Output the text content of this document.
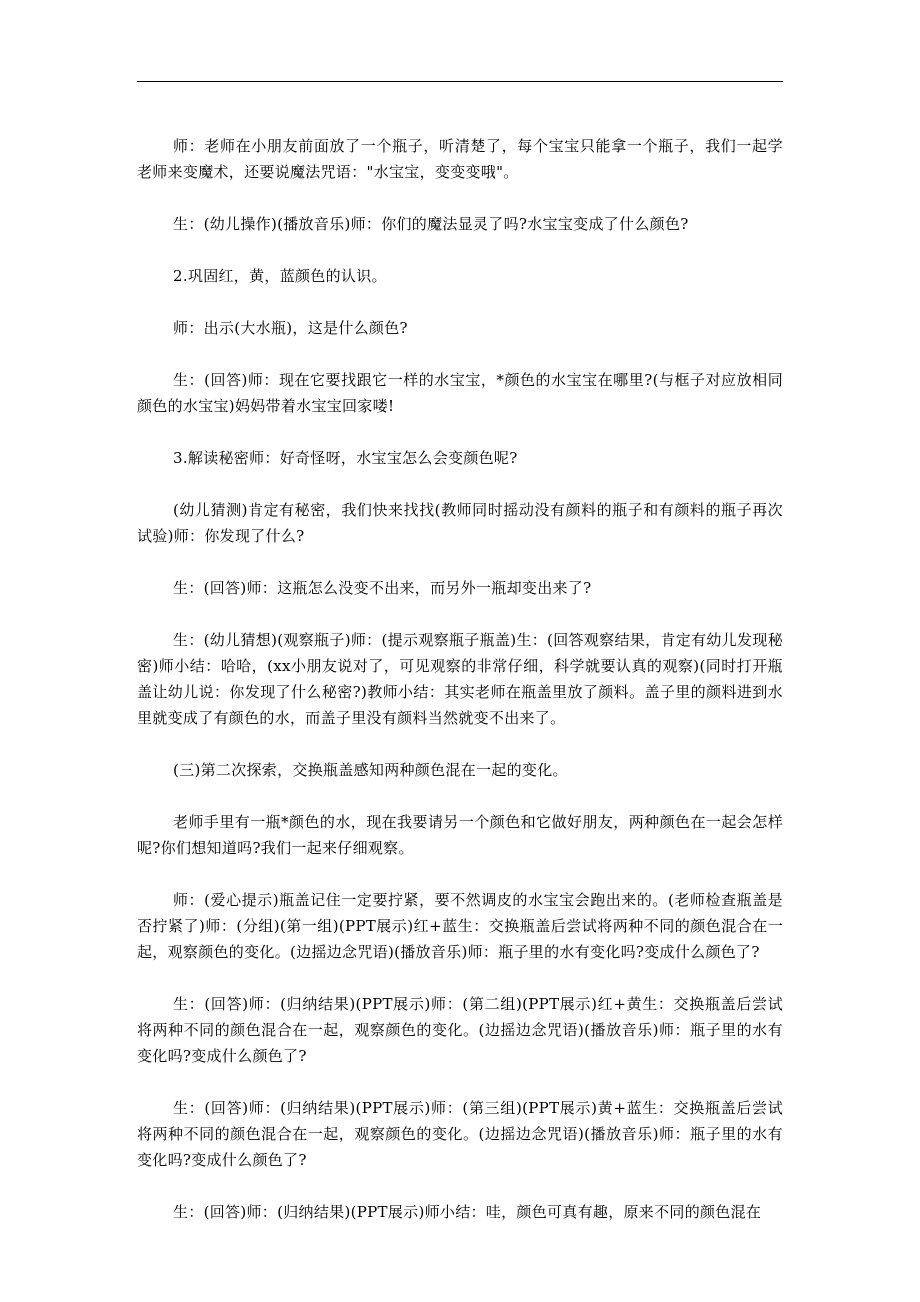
师：老师在小朋友前面放了一个瓶子，听清楚了，每个宝宝只能拿一个瓶子，我们一起学老师来变魔术，还要说魔法咒语："水宝宝，变变变哦"。

生：(幼儿操作)(播放音乐)师：你们的魔法显灵了吗?水宝宝变成了什么颜色?

2.巩固红，黄，蓝颜色的认识。

师：出示(大水瓶)，这是什么颜色?

生：(回答)师：现在它要找跟它一样的水宝宝，*颜色的水宝宝在哪里?(与框子对应放相同颜色的水宝宝)妈妈带着水宝宝回家喽!

3.解读秘密师：好奇怪呀，水宝宝怎么会变颜色呢?

(幼儿猜测)肯定有秘密，我们快来找找(教师同时摇动没有颜料的瓶子和有颜料的瓶子再次试验)师：你发现了什么?

生：(回答)师：这瓶怎么没变不出来，而另外一瓶却变出来了?

生：(幼儿猜想)(观察瓶子)师：(提示观察瓶子瓶盖)生：(回答观察结果，肯定有幼儿发现秘密)师小结：哈哈，(xx小朋友说对了，可见观察的非常仔细，科学就要认真的观察)(同时打开瓶盖让幼儿说：你发现了什么秘密?)教师小结：其实老师在瓶盖里放了颜料。盖子里的颜料进到水里就变成了有颜色的水，而盖子里没有颜料当然就变不出来了。

(三)第二次探索，交换瓶盖感知两种颜色混在一起的变化。

老师手里有一瓶*颜色的水，现在我要请另一个颜色和它做好朋友，两种颜色在一起会怎样呢?你们想知道吗?我们一起来仔细观察。

师：(爱心提示)瓶盖记住一定要拧紧，要不然调皮的水宝宝会跑出来的。(老师检查瓶盖是否拧紧了)师：(分组)(第一组)(PPT展示)红+蓝生：交换瓶盖后尝试将两种不同的颜色混合在一起，观察颜色的变化。(边摇边念咒语)(播放音乐)师：瓶子里的水有变化吗?变成什么颜色了?

生：(回答)师：(归纳结果)(PPT展示)师：(第二组)(PPT展示)红+黄生：交换瓶盖后尝试将两种不同的颜色混合在一起，观察颜色的变化。(边摇边念咒语)(播放音乐)师：瓶子里的水有变化吗?变成什么颜色了?

生：(回答)师：(归纳结果)(PPT展示)师：(第三组)(PPT展示)黄+蓝生：交换瓶盖后尝试将两种不同的颜色混合在一起，观察颜色的变化。(边摇边念咒语)(播放音乐)师：瓶子里的水有变化吗?变成什么颜色了?

生：(回答)师：(归纳结果)(PPT展示)师小结：哇，颜色可真有趣，原来不同的颜色混在
